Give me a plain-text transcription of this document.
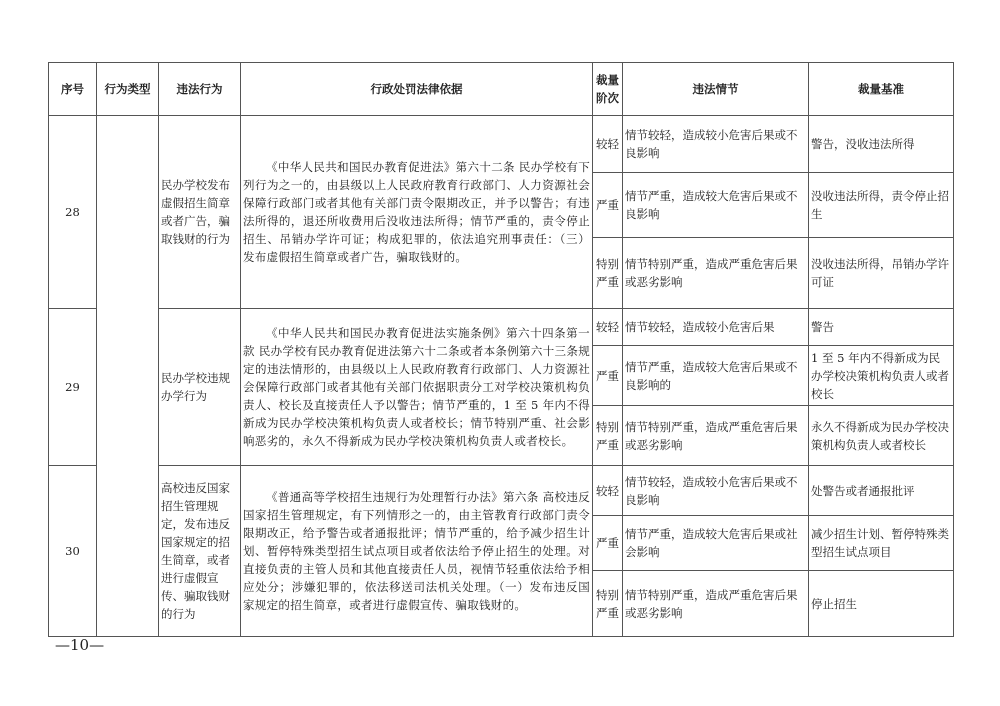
序号	行为类型	违法行为	行政处罚法律依据	裁量阶次	违法情节	裁量基准
28		民办学校发布虚假招生简章或者广告，骗取钱财的行为	《中华人民共和国民办教育促进法》第六十二条 民办学校有下列行为之一的，由县级以上人民政府教育行政部门、人力资源社会保障行政部门或者其他有关部门责令限期改正，并予以警告；有违法所得的，退还所收费用后没收违法所得；情节严重的，责令停止招生、吊销办学许可证；构成犯罪的，依法追究刑事责任：（三）发布虚假招生简章或者广告，骗取钱财的。	较轻	情节较轻，造成较小危害后果或不良影响	警告，没收违法所得
				严重	情节严重，造成较大危害后果或不良影响	没收违法所得，责令停止招生
				特别严重	情节特别严重，造成严重危害后果或恶劣影响	没收违法所得，吊销办学许可证
29		民办学校违规办学行为	《中华人民共和国民办教育促进法实施条例》第六十四条第一款 民办学校有民办教育促进法第六十二条或者本条例第六十三条规定的违法情形的，由县级以上人民政府教育行政部门、人力资源社会保障行政部门或者其他有关部门依据职责分工对学校决策机构负责人、校长及直接责任人予以警告；情节严重的，1 至 5 年内不得新成为民办学校决策机构负责人或者校长；情节特别严重、社会影响恶劣的，永久不得新成为民办学校决策机构负责人或者校长。	较轻	情节较轻，造成较小危害后果	警告
				严重	情节严重，造成较大危害后果或不良影响的	1 至 5 年内不得新成为民办学校决策机构负责人或者校长
				特别严重	情节特别严重，造成严重危害后果或恶劣影响	永久不得新成为民办学校决策机构负责人或者校长
30		高校违反国家招生管理规定，发布违反国家规定的招生简章，或者进行虚假宣传、骗取钱财的行为	《普通高等学校招生违规行为处理暂行办法》第六条 高校违反国家招生管理规定，有下列情形之一的，由主管教育行政部门责令限期改正，给予警告或者通报批评；情节严重的，给予减少招生计划、暂停特殊类型招生试点项目或者依法给予停止招生的处理。对直接负责的主管人员和其他直接责任人员，视情节轻重依法给予相应处分；涉嫌犯罪的，依法移送司法机关处理。（一）发布违反国家规定的招生简章，或者进行虚假宣传、骗取钱财的。	较轻	情节较轻，造成较小危害后果或不良影响	处警告或者通报批评
				严重	情节严重，造成较大危害后果或社会影响	减少招生计划、暂停特殊类型招生试点项目
				特别严重	情节特别严重，造成严重危害后果或恶劣影响	停止招生
—10—
